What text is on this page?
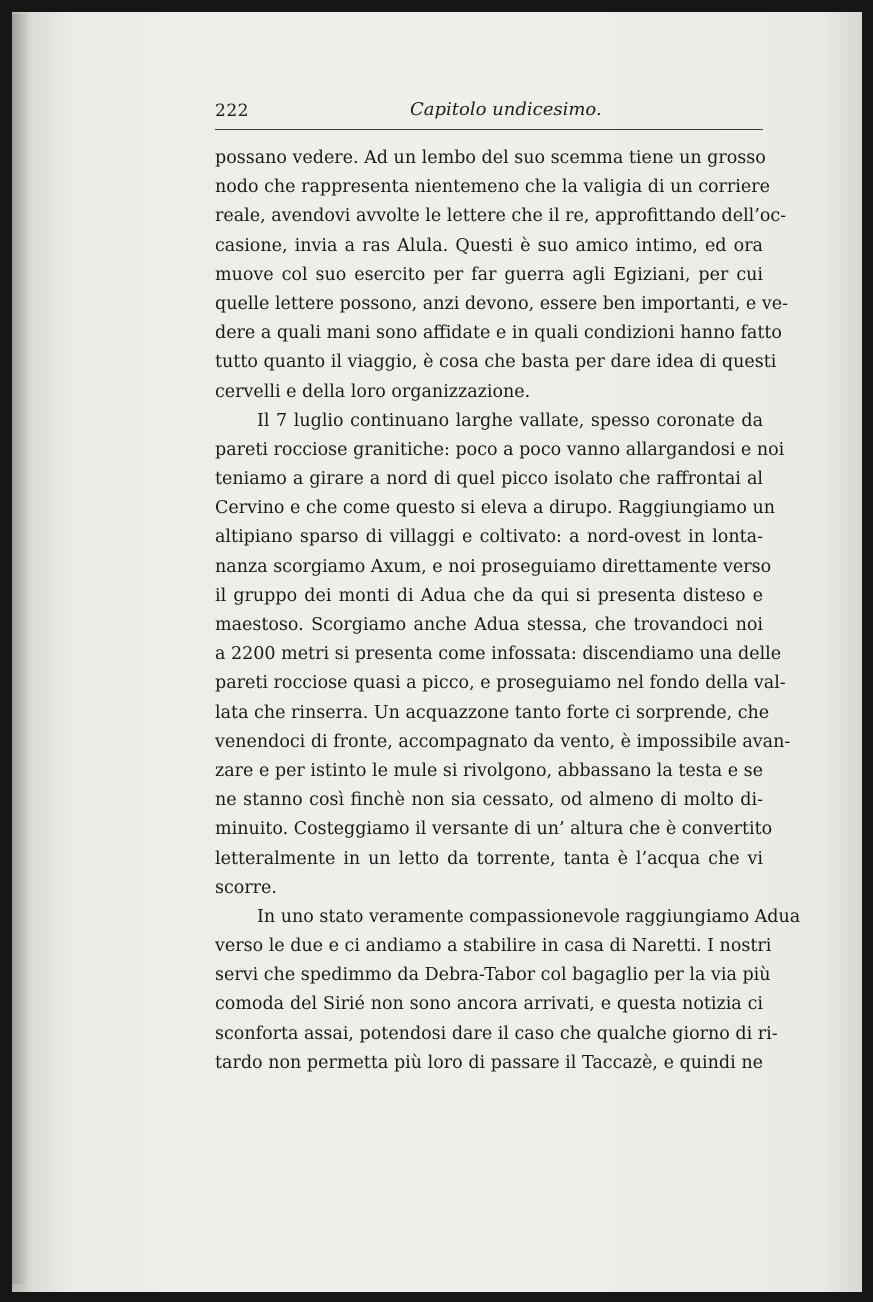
222	Capitolo undicesimo.
possano vedere. Ad un lembo del suo scemma tiene un grosso
nodo che rappresenta nientemeno che la valigia di un corriere
reale, avendovi avvolte le lettere che il re, approfittando dell’oc-
casione, invia a ras Alula. Questi è suo amico intimo, ed ora
muove col suo esercito per far guerra agli Egiziani, per cui
quelle lettere possono, anzi devono, essere ben importanti, e ve-
dere a quali mani sono affidate e in quali condizioni hanno fatto
tutto quanto il viaggio, è cosa che basta per dare idea di questi
cervelli e della loro organizzazione.
Il 7 luglio continuano larghe vallate, spesso coronate da
pareti rocciose granitiche: poco a poco vanno allargandosi e noi
teniamo a girare a nord di quel picco isolato che raffrontai al
Cervino e che come questo si eleva a dirupo. Raggiungiamo un
altipiano sparso di villaggi e coltivato: a nord-ovest in lonta-
nanza scorgiamo Axum, e noi proseguiamo direttamente verso
il gruppo dei monti di Adua che da qui si presenta disteso e
maestoso. Scorgiamo anche Adua stessa, che trovandoci noi
a 2200 metri si presenta come infossata: discendiamo una delle
pareti rocciose quasi a picco, e proseguiamo nel fondo della val-
lata che rinserra. Un acquazzone tanto forte ci sorprende, che
venendoci di fronte, accompagnato da vento, è impossibile avan-
zare e per istinto le mule si rivolgono, abbassano la testa e se
ne stanno così finchè non sia cessato, od almeno di molto di-
minuito. Costeggiamo il versante di un’ altura che è convertito
letteralmente in un letto da torrente, tanta è l’acqua che vi
scorre.
In uno stato veramente compassionevole raggiungiamo Adua
verso le due e ci andiamo a stabilire in casa di Naretti. I nostri
servi che spedimmo da Debra-Tabor col bagaglio per la via più
comoda del Sirié non sono ancora arrivati, e questa notizia ci
sconforta assai, potendosi dare il caso che qualche giorno di ri-
tardo non permetta più loro di passare il Taccazè, e quindi ne
